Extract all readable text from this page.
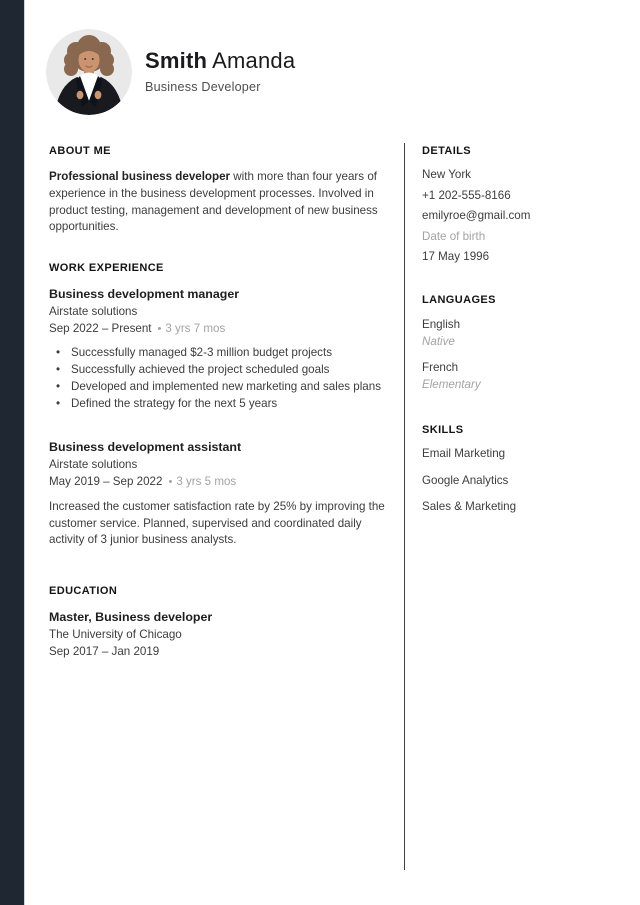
Smith Amanda
Business Developer
ABOUT ME

Professional business developer with more than four years of experience in the business development processes. Involved in product testing, management and development of new business opportunities.

WORK EXPERIENCE
Business development manager
Airstate solutions
Sep 2022 – Present • 3 yrs 7 mos
• Successfully managed $2-3 million budget projects
• Successfully achieved the project scheduled goals
• Developed and implemented new marketing and sales plans
• Defined the strategy for the next 5 years
Business development assistant
Airstate solutions
May 2019 – Sep 2022 • 3 yrs 5 mos

Increased the customer satisfaction rate by 25% by improving the customer service. Planned, supervised and coordinated daily activity of 3 junior business analysts.

EDUCATION
Master, Business developer
The University of Chicago
Sep 2017 – Jan 2019
DETAILS
New York
+1 202-555-8166
emilyroe@gmail.com
Date of birth
17 May 1996
LANGUAGES
English
Native
French
Elementary
SKILLS
Email Marketing
Google Analytics
Sales & Marketing
